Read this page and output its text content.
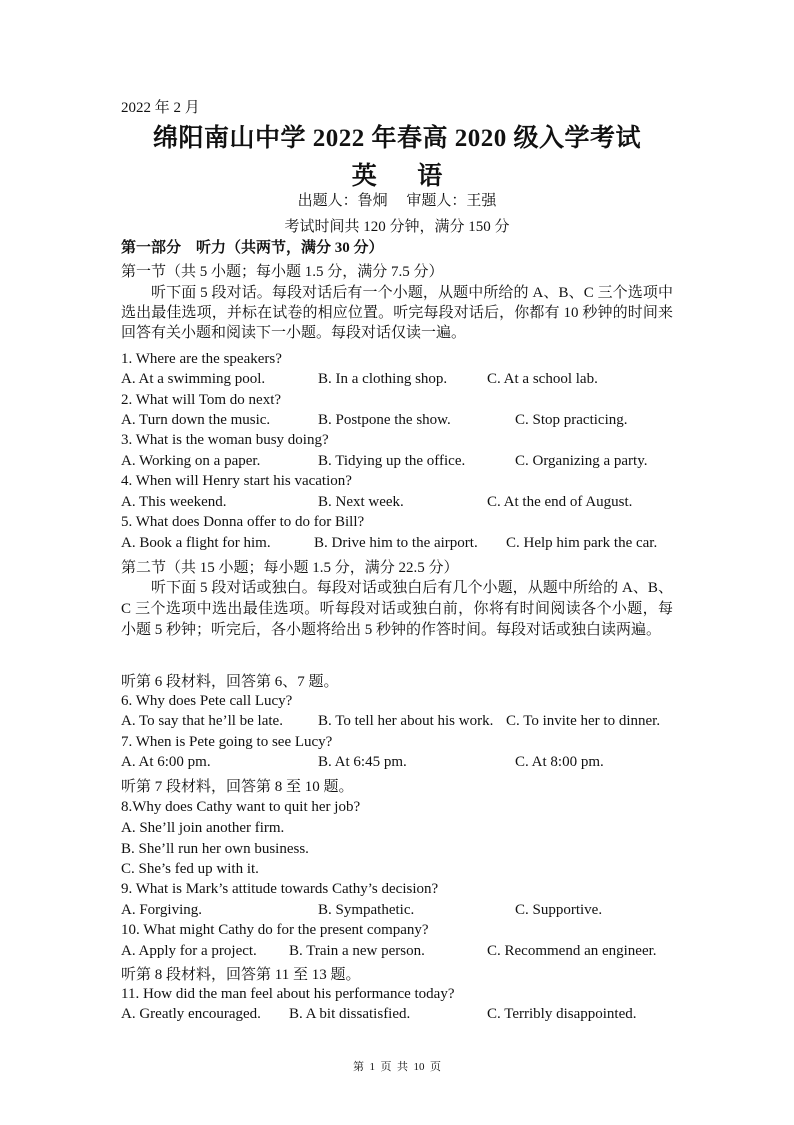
2022 年 2 月
绵阳南山中学 2022 年春高 2020 级入学考试
英 语
出题人：鲁炯     审题人：王强
考试时间共 120 分钟，满分 150 分
第一部分    听力（共两节，满分 30 分）
第一节（共 5 小题；每小题 1.5 分，满分 7.5 分）
听下面 5 段对话。每段对话后有一个小题，从题中所给的 A、B、C 三个选项中选出最佳选项，并标在试卷的相应位置。听完每段对话后，你都有 10 秒钟的时间来回答有关小题和阅读下一小题。每段对话仅读一遍。
1. Where are the speakers?
A. At a swimming pool.	B. In a clothing shop.	C. At a school lab.
2. What will Tom do next?
A. Turn down the music.	B. Postpone the show.	C. Stop practicing.
3. What is the woman busy doing?
A. Working on a paper.	B. Tidying up the office.	C. Organizing a party.
4. When will Henry start his vacation?
A. This weekend.	B. Next week.	C. At the end of August.
5. What does Donna offer to do for Bill?
A. Book a flight for him.	B. Drive him to the airport. C. Help him park the car.
第二节（共 15 小题；每小题 1.5 分，满分 22.5 分）
听下面 5 段对话或独白。每段对话或独白后有几个小题，从题中所给的 A、B、C 三个选项中选出最佳选项。听每段对话或独白前，你将有时间阅读各个小题，每小题 5 秒钟；听完后，各小题将给出 5 秒钟的作答时间。每段对话或独白读两遍。
听第 6 段材料，回答第 6、7 题。
6. Why does Pete call Lucy?
A. To say that he’ll be late. B. To tell her about his work. C. To invite her to dinner.
7. When is Pete going to see Lucy?
A. At 6:00 pm.	B. At 6:45 pm.	C. At 8:00 pm.
听第 7 段材料，回答第 8 至 10 题。
8.Why does Cathy want to quit her job?
A. She’ll join another firm.
B. She’ll run her own business.
C. She’s fed up with it.
9. What is Mark’s attitude towards Cathy’s decision?
A. Forgiving.	B. Sympathetic.	C. Supportive.
10. What might Cathy do for the present company?
A. Apply for a project. B. Train a new person.	C. Recommend an engineer.
听第 8 段材料，回答第 11 至 13 题。
11. How did the man feel about his performance today?
A. Greatly encouraged. B. A bit dissatisfied.	C. Terribly disappointed.
第  1  页  共  10  页
